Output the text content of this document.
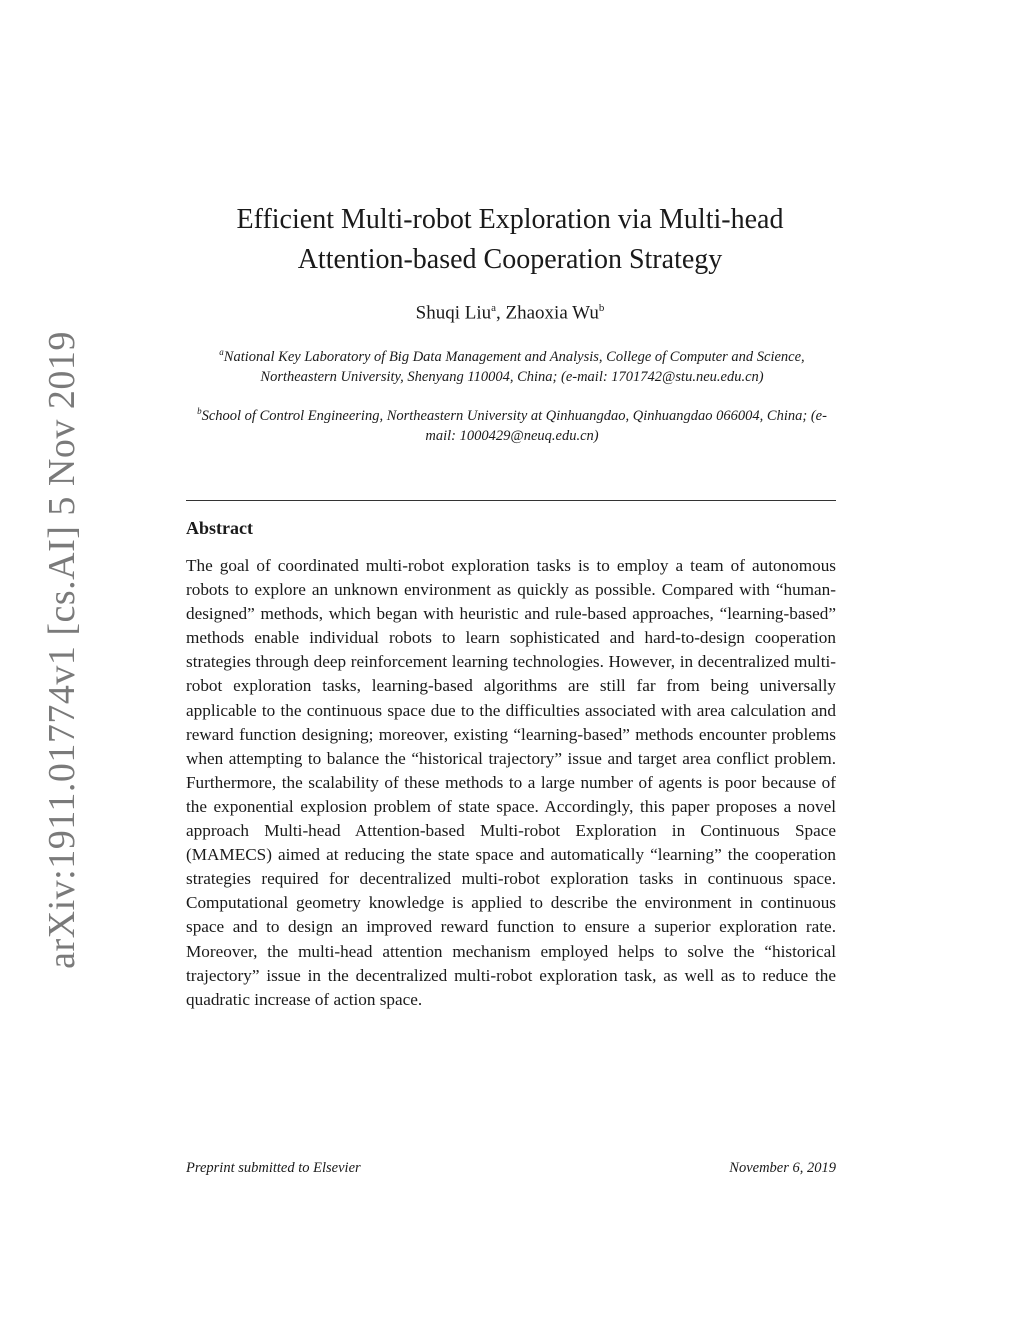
arXiv:1911.01774v1 [cs.AI] 5 Nov 2019
Efficient Multi-robot Exploration via Multi-head
Attention-based Cooperation Strategy
Shuqi Liu$^a$, Zhaoxia Wu$^b$
$^a$National Key Laboratory of Big Data Management and Analysis, College of Computer and Science, Northeastern University, Shenyang 110004, China; (e-mail: 1701742@stu.neu.edu.cn)
$^b$School of Control Engineering, Northeastern University at Qinhuangdao, Qinhuangdao 066004, China; (e-mail: 1000429@neuq.edu.cn)
Abstract

The goal of coordinated multi-robot exploration tasks is to employ a team of autonomous robots to explore an unknown environment as quickly as possible. Compared with “human-designed” methods, which began with heuristic and rule-based approaches, “learning-based” methods enable individual robots to learn sophisticated and hard-to-design cooperation strategies through deep reinforcement learning technologies. However, in decentralized multi-robot exploration tasks, learning-based algorithms are still far from being universally applicable to the continuous space due to the difficulties associated with area calculation and reward function designing; moreover, existing “learning-based” methods encounter problems when attempting to balance the “historical trajectory” issue and target area conflict problem. Furthermore, the scalability of these methods to a large number of agents is poor because of the exponential explosion problem of state space. Accordingly, this paper proposes a novel approach Multi-head Attention-based Multi-robot Exploration in Continuous Space (MAMECS) aimed at reducing the state space and automatically “learning” the cooperation strategies required for decentralized multi-robot exploration tasks in continuous space. Computational geometry knowledge is applied to describe the environment in continuous space and to design an improved reward function to ensure a superior exploration rate. Moreover, the multi-head attention mechanism employed helps to solve the “historical trajectory” issue in the decentralized multi-robot exploration task, as well as to reduce the quadratic increase of action space.

Preprint submitted to Elsevier	November 6, 2019
